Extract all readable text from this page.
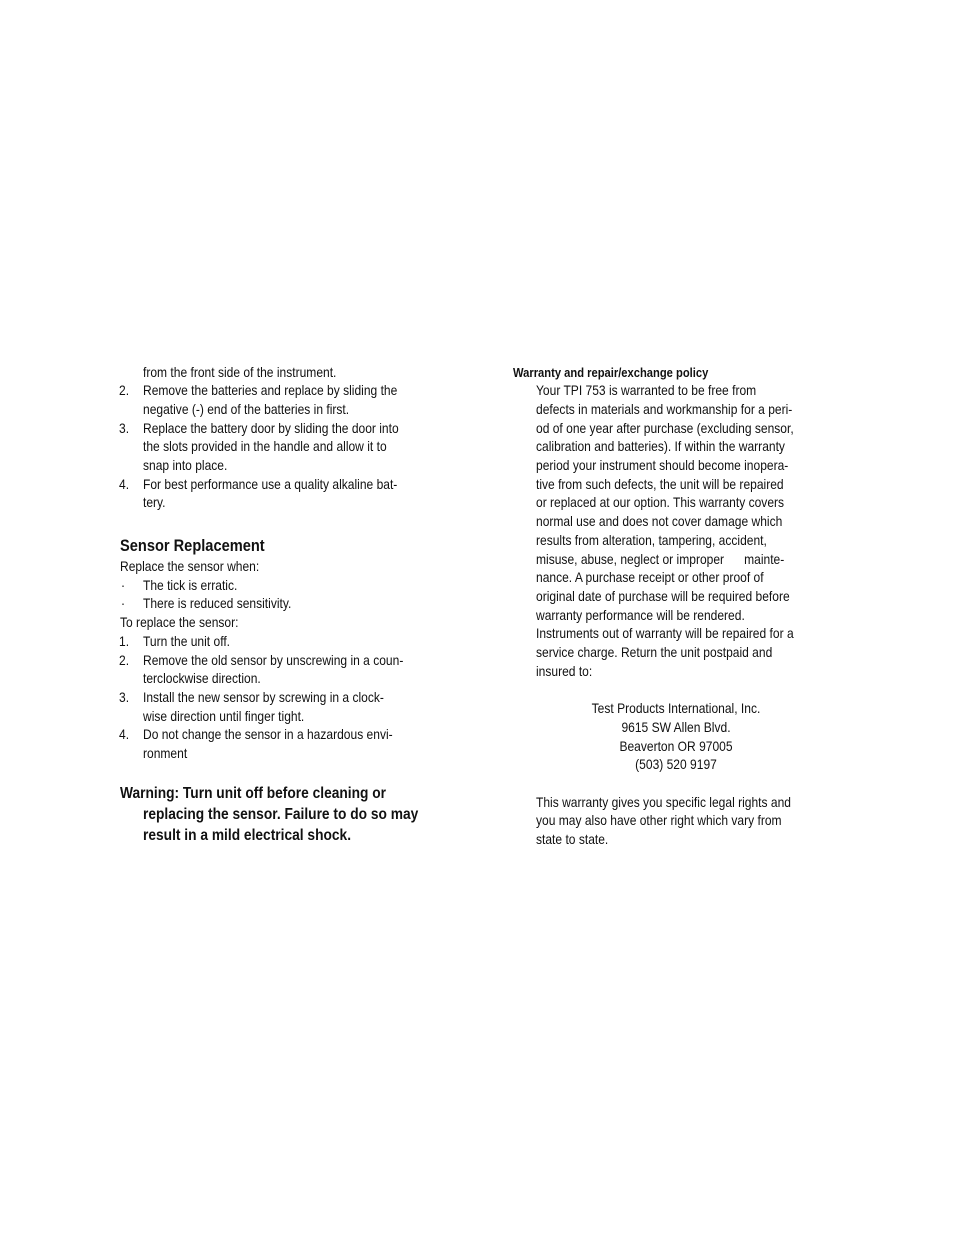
from the front side of the instrument.
2. Remove the batteries and replace by sliding the
negative (-) end of the batteries in first.
3. Replace the battery door by sliding the door into
the slots provided in the handle and allow it to
snap into place.
4. For best performance use a quality alkaline bat-
tery.
Sensor Replacement
Replace the sensor when:
· The tick is erratic.
· There is reduced sensitivity.
To replace the sensor:
1. Turn the unit off.
2. Remove the old sensor by unscrewing in a coun-
terclockwise direction.
3. Install the new sensor by screwing in a clock-
wise direction until finger tight.
4. Do not change the sensor in a hazardous envi-
ronment
Warning: Turn unit off before cleaning or
replacing the sensor. Failure to do so may
result in a mild electrical shock.
Warranty and repair/exchange policy
Your TPI 753 is warranted to be free from
defects in materials and workmanship for a peri-
od of one year after purchase (excluding sensor,
calibration and batteries). If within the warranty
period your instrument should become inopera-
tive from such defects, the unit will be repaired
or replaced at our option. This warranty covers
normal use and does not cover damage which
results from alteration, tampering, accident,
misuse, abuse, neglect or improper      mainte-
nance. A purchase receipt or other proof of
original date of purchase will be required before
warranty performance will be rendered.
Instruments out of warranty will be repaired for a
service charge. Return the unit postpaid and
insured to:
Test Products International, Inc.
9615 SW Allen Blvd.
Beaverton OR 97005
(503) 520 9197
This warranty gives you specific legal rights and
you may also have other right which vary from
state to state.
